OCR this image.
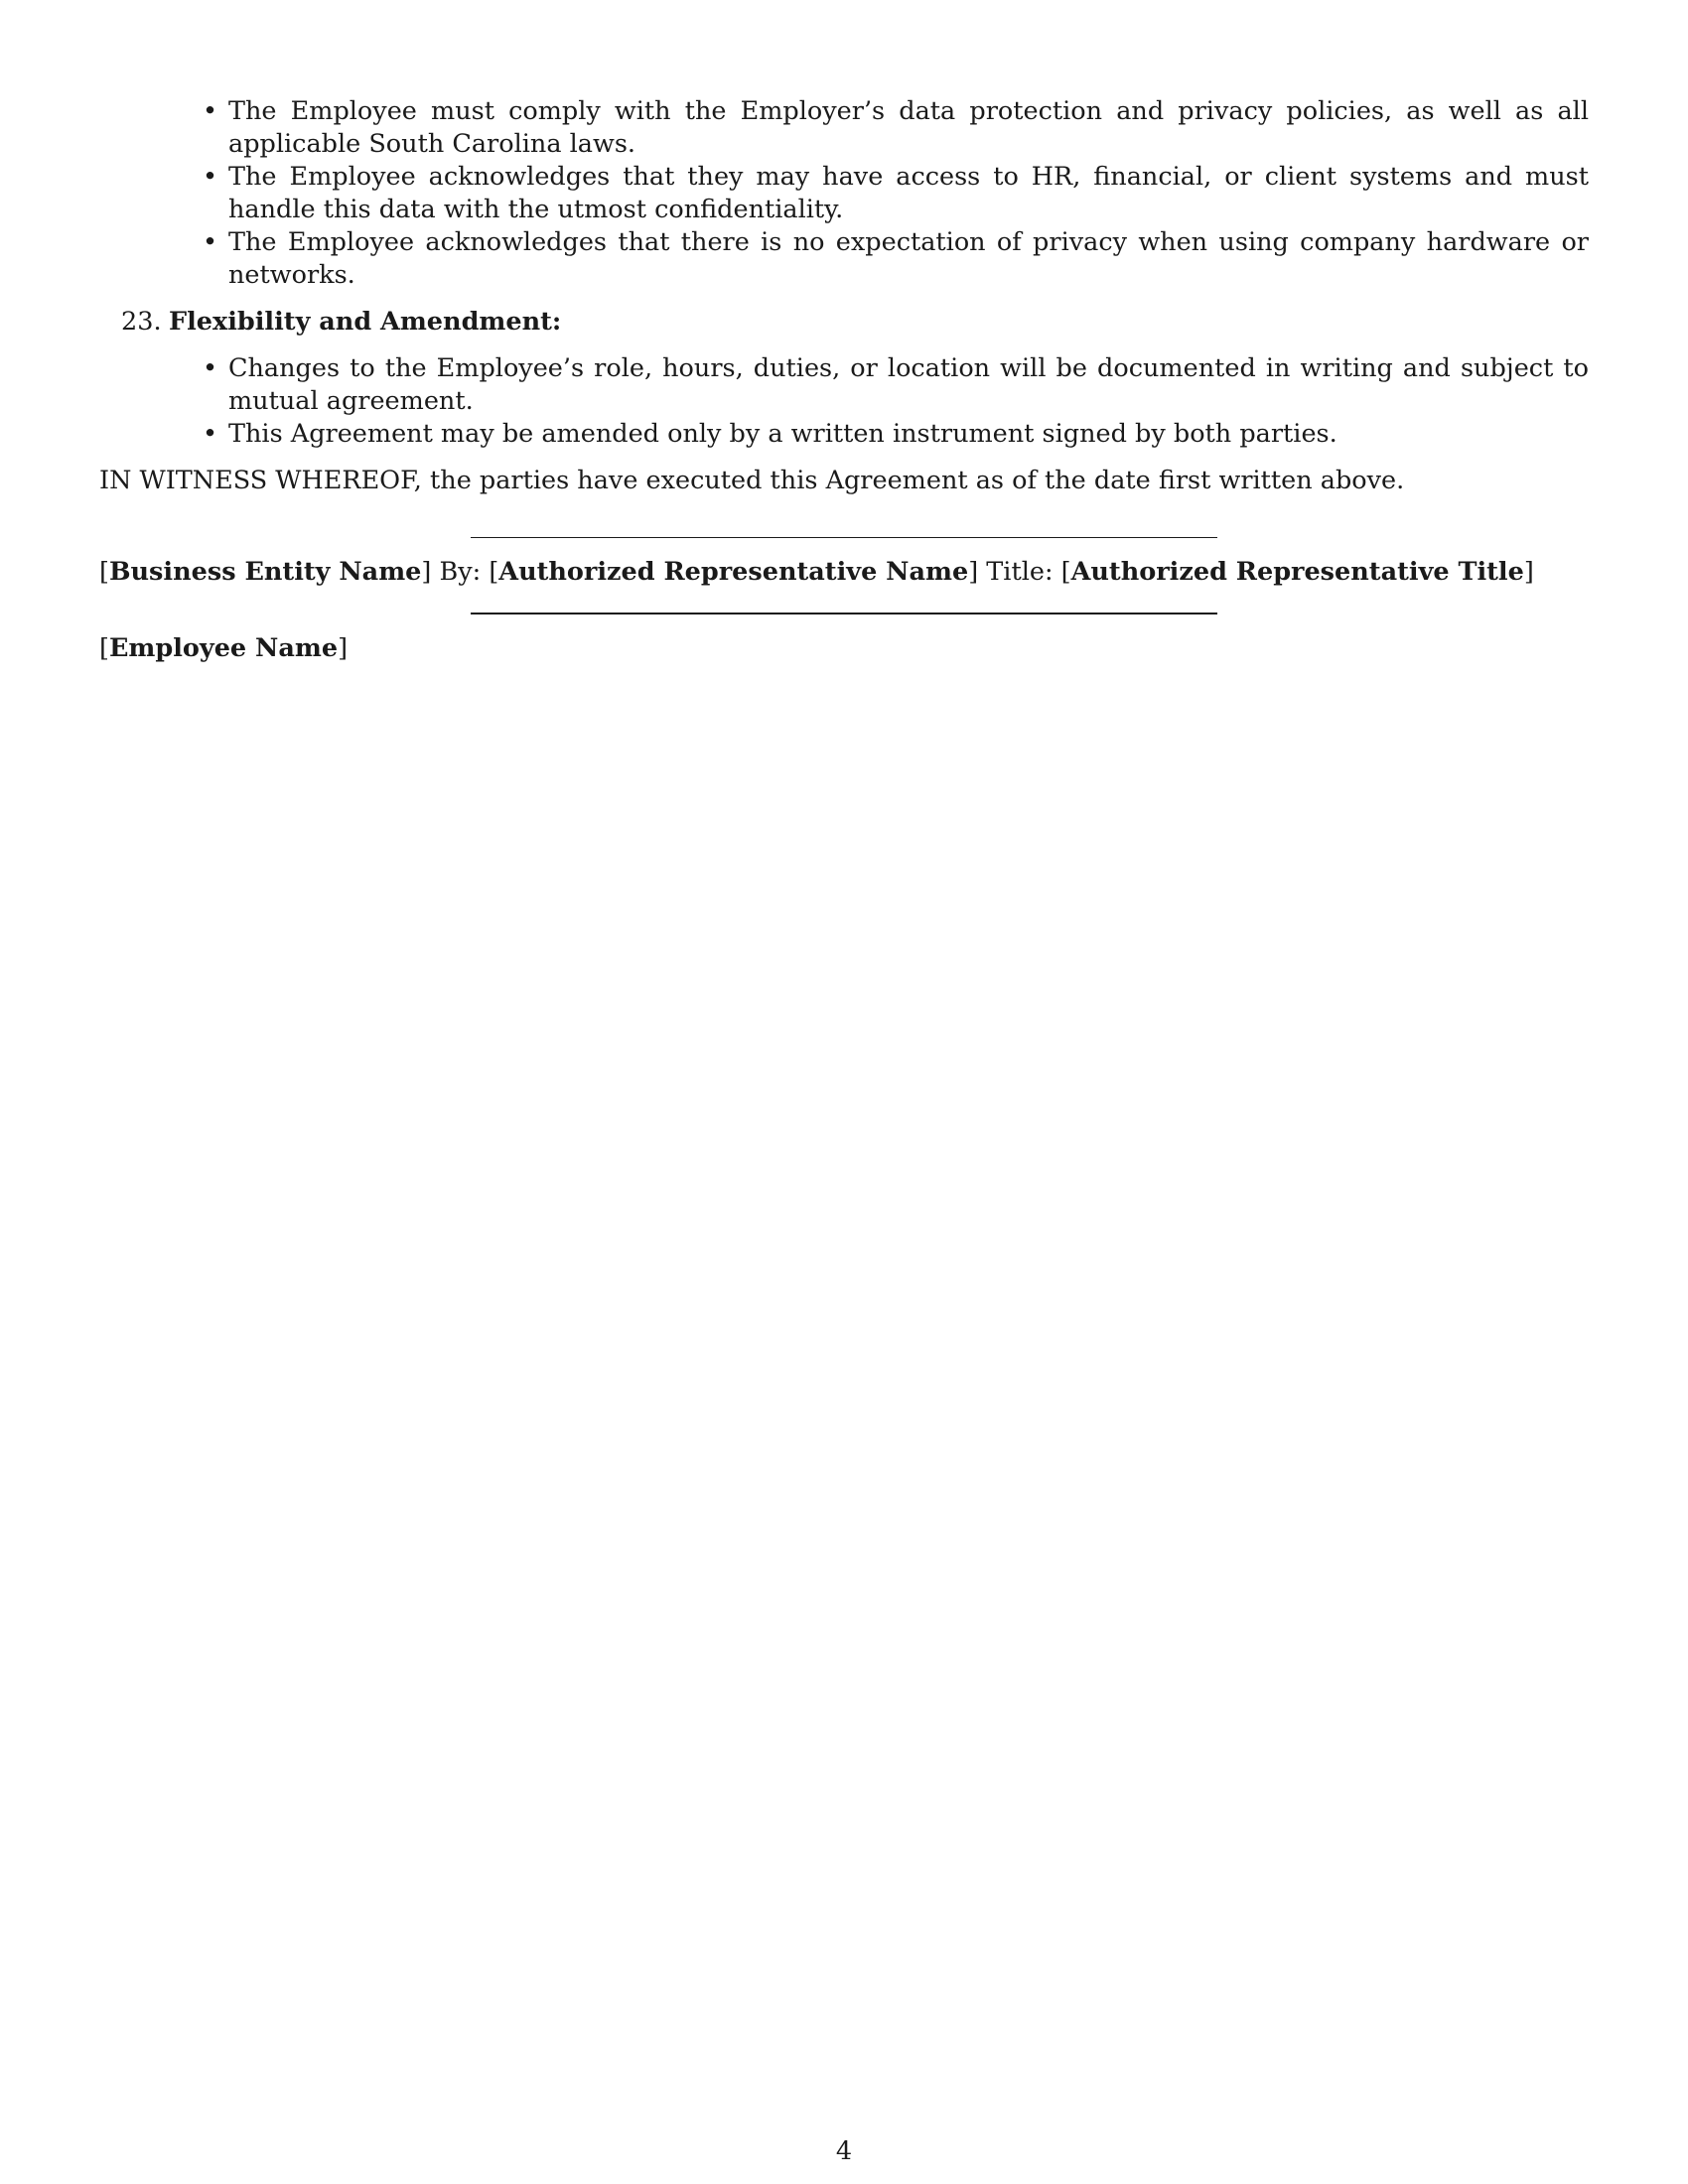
• The Employee must comply with the Employer’s data protection and privacy policies, as well as all applicable South Carolina laws.
• The Employee acknowledges that they may have access to HR, financial, or client systems and must handle this data with the utmost confidentiality.
• The Employee acknowledges that there is no expectation of privacy when using company hardware or networks.
23. Flexibility and Amendment:
• Changes to the Employee’s role, hours, duties, or location will be documented in writing and subject to mutual agreement.
• This Agreement may be amended only by a written instrument signed by both parties.
IN WITNESS WHEREOF, the parties have executed this Agreement as of the date first written above.
[Business Entity Name] By: [Authorized Representative Name] Title: [Authorized Representative Title]
[Employee Name]
4
